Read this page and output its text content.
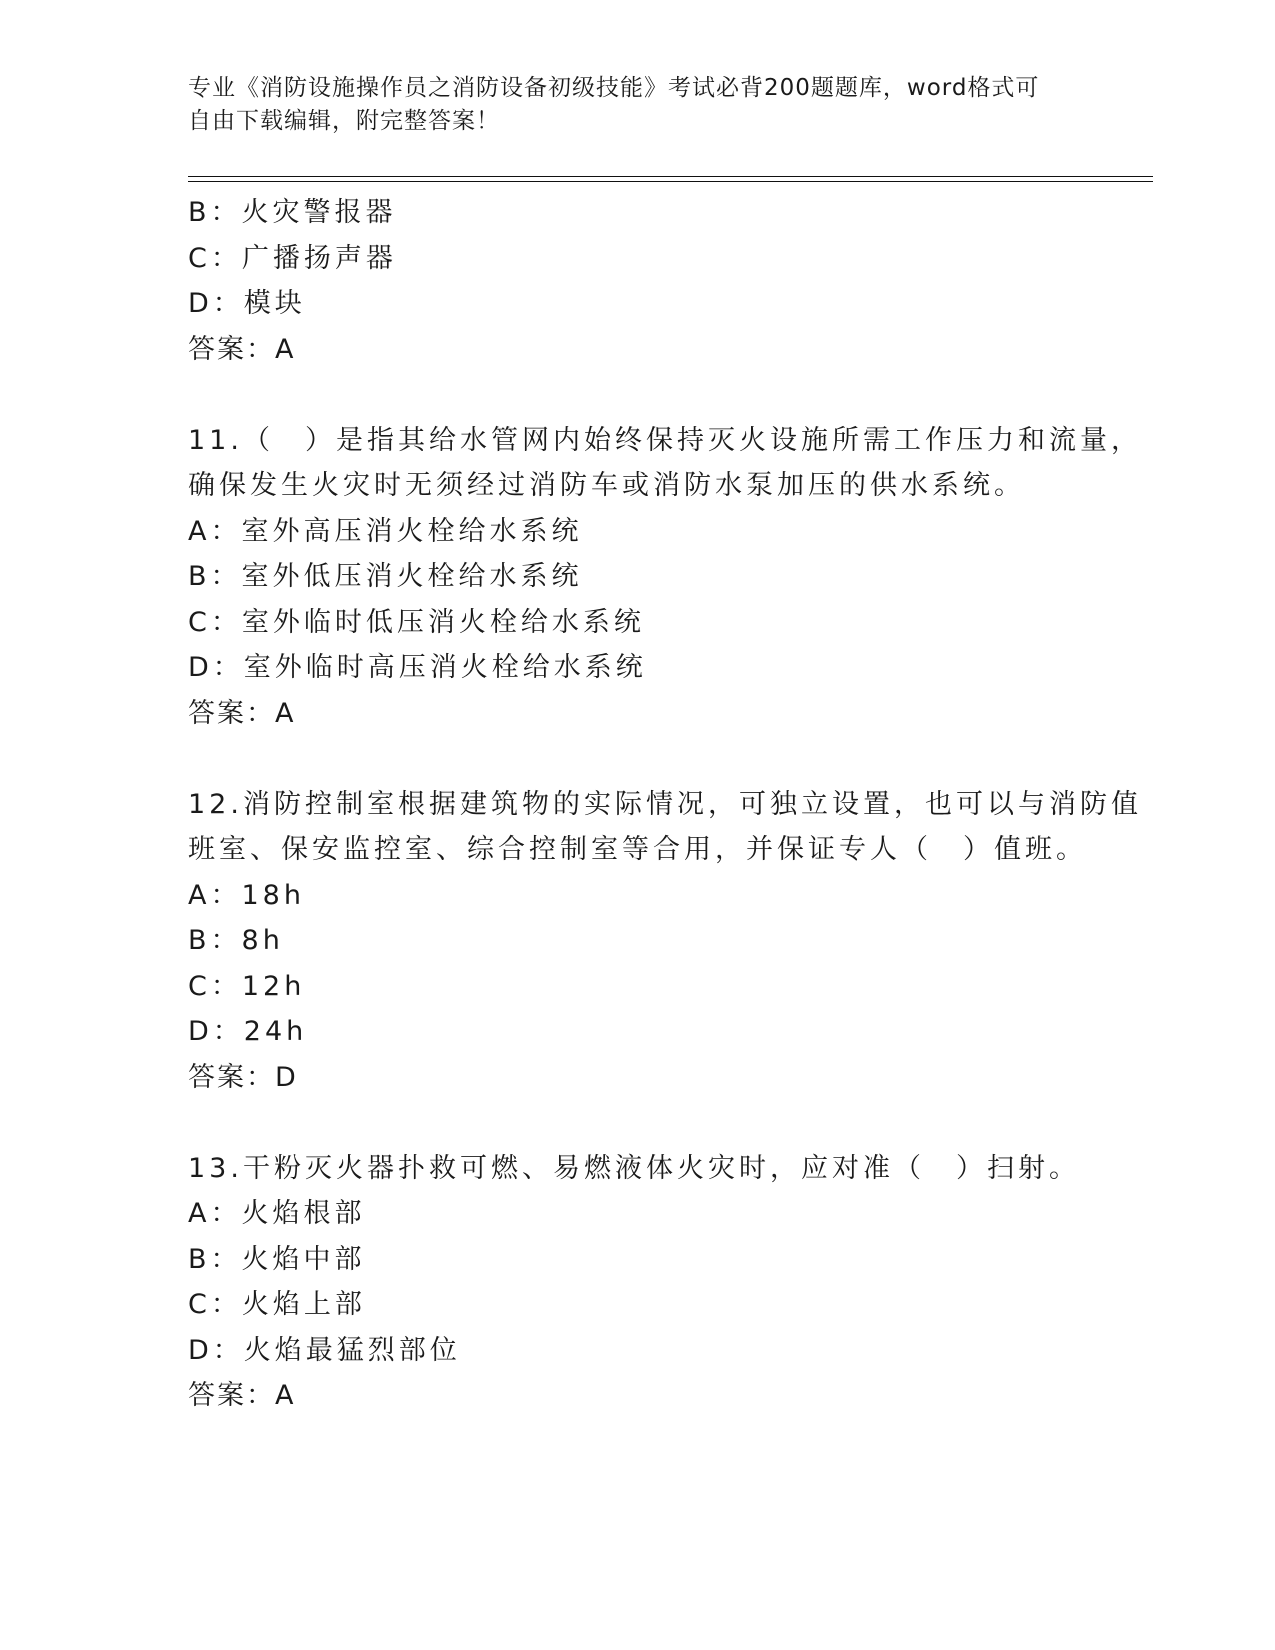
专业《消防设施操作员之消防设备初级技能》考试必背200题题库，word格式可
自由下载编辑，附完整答案！
B：火灾警报器
C：广播扬声器
D：模块
答案：A
11.（　）是指其给水管网内始终保持灭火设施所需工作压力和流量，
确保发生火灾时无须经过消防车或消防水泵加压的供水系统。
A：室外高压消火栓给水系统
B：室外低压消火栓给水系统
C：室外临时低压消火栓给水系统
D：室外临时高压消火栓给水系统
答案：A
12.消防控制室根据建筑物的实际情况，可独立设置，也可以与消防值
班室、保安监控室、综合控制室等合用，并保证专人（　）值班。
A：18h
B：8h
C：12h
D：24h
答案：D
13.干粉灭火器扑救可燃、易燃液体火灾时，应对准（　）扫射。
A：火焰根部
B：火焰中部
C：火焰上部
D：火焰最猛烈部位
答案：A
